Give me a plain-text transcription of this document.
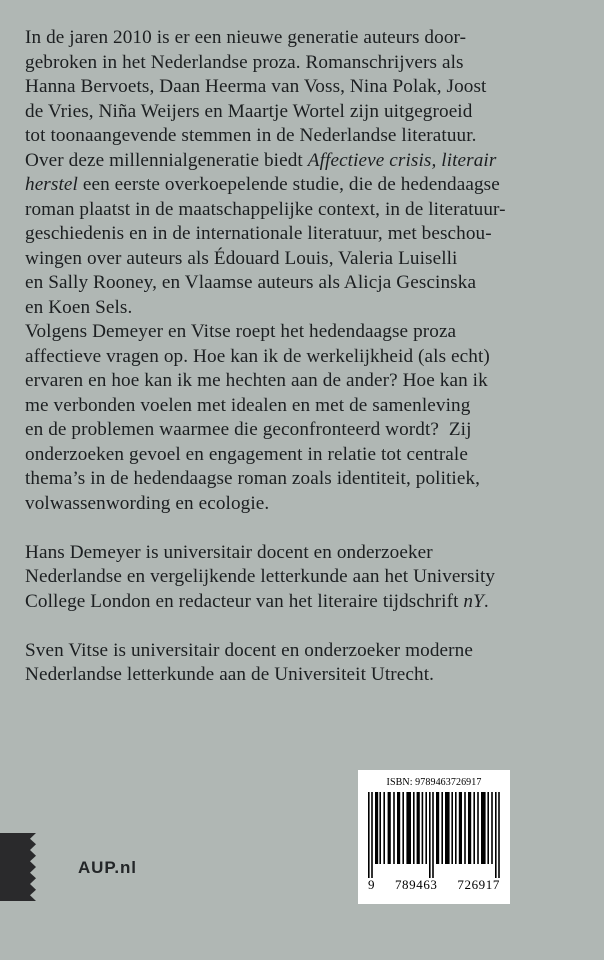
In de jaren 2010 is er een nieuwe generatie auteurs door-
gebroken in het Nederlandse proza. Romanschrijvers als
Hanna Bervoets, Daan Heerma van Voss, Nina Polak, Joost
de Vries, Niña Weijers en Maartje Wortel zijn uitgegroeid
tot toonaangevende stemmen in de Nederlandse literatuur.
Over deze millennialgeneratie biedt Affectieve crisis, literair
herstel een eerste overkoepelende studie, die de hedendaagse
roman plaatst in de maatschappelijke context, in de literatuur-
geschiedenis en in de internationale literatuur, met beschou-
wingen over auteurs als Édouard Louis, Valeria Luiselli
en Sally Rooney, en Vlaamse auteurs als Alicja Gescinska
en Koen Sels.

Volgens Demeyer en Vitse roept het hedendaagse proza
affectieve vragen op. Hoe kan ik de werkelijkheid (als echt)
ervaren en hoe kan ik me hechten aan de ander? Hoe kan ik
me verbonden voelen met idealen en met de samenleving
en de problemen waarmee die geconfronteerd wordt?  Zij
onderzoeken gevoel en engagement in relatie tot centrale
thema’s in de hedendaagse roman zoals identiteit, politiek,
volwassenwording en ecologie.

Hans Demeyer is universitair docent en onderzoeker
Nederlandse en vergelijkende letterkunde aan het University
College London en redacteur van het literaire tijdschrift nY.

Sven Vitse is universitair docent en onderzoeker moderne
Nederlandse letterkunde aan de Universiteit Utrecht.

AUP.nl
ISBN: 9789463726917
9 789463 726917
